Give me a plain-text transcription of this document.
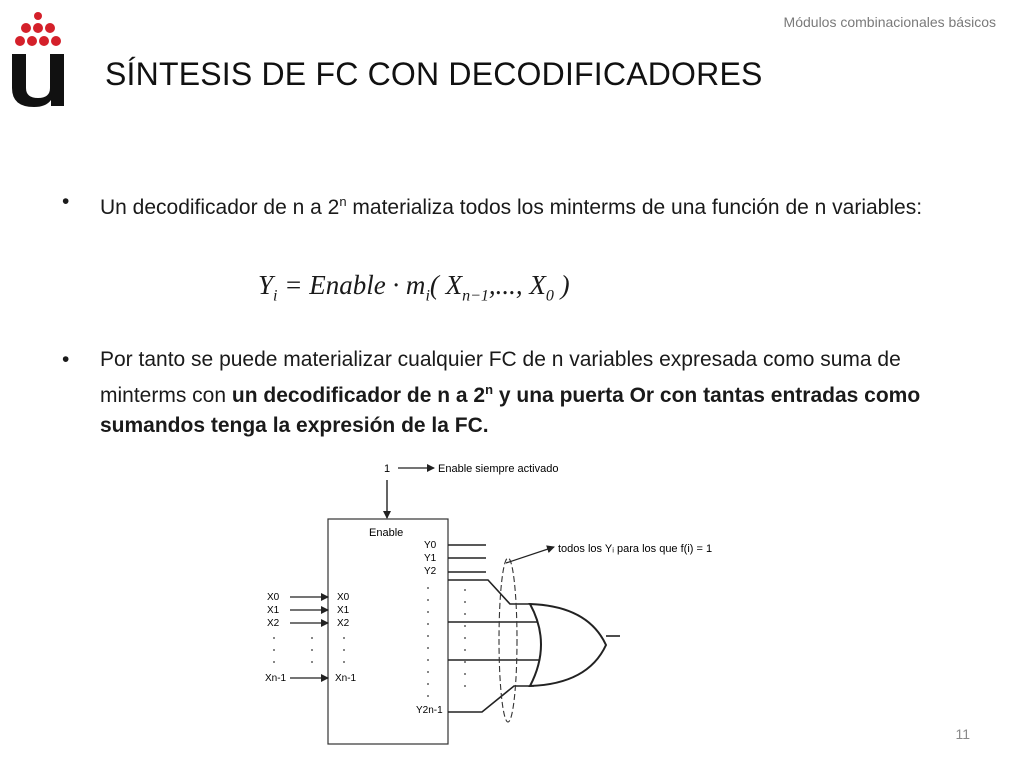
Módulos combinacionales básicos
SÍNTESIS DE FC CON DECODIFICADORES
• Un decodificador de n a 2$^n$ materializa todos los minterms de una función de n variables:
$Y_i$ = Enable · $m_i$( $X_{n-1}$,..., $X_0$ )
• Por tanto se puede materializar cualquier FC de n variables expresada como suma de minterms con un decodificador de n a 2$^n$ y una puerta Or con tantas entradas como sumandos tenga la expresión de la FC.
1	Enable siempre activado
Enable
X0
X1
X2
Xn-1
X0
X1
X2
Xn-1
Y0
Y1
Y2
Y2n-1
todos los Yᵢ para los que f(i) = 1
11
